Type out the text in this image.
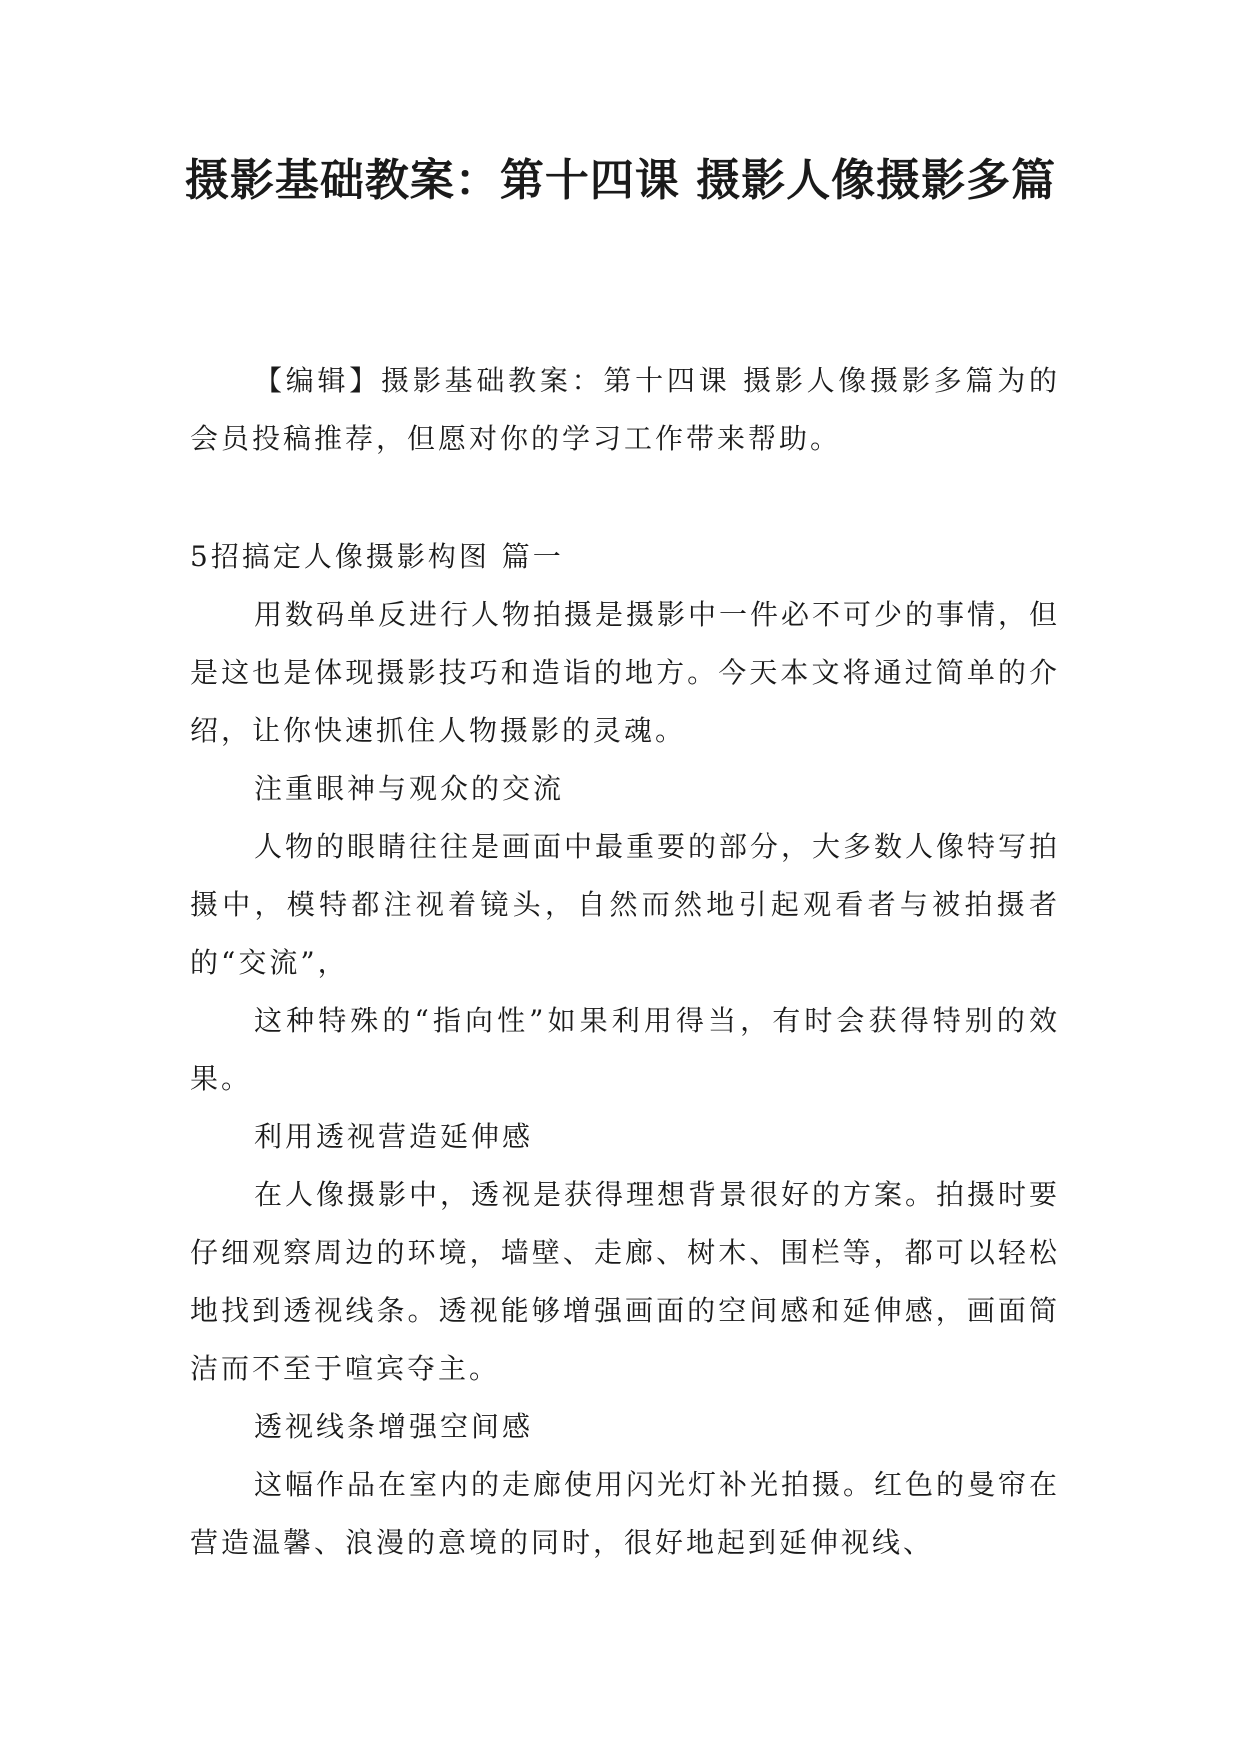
摄影基础教案：第十四课 摄影人像摄影多篇

【编辑】摄影基础教案：第十四课 摄影人像摄影多篇为的会员投稿推荐，但愿对你的学习工作带来帮助。

5招搞定人像摄影构图 篇一

用数码单反进行人物拍摄是摄影中一件必不可少的事情，但是这也是体现摄影技巧和造诣的地方。今天本文将通过简单的介绍，让你快速抓住人物摄影的灵魂。

注重眼神与观众的交流

人物的眼睛往往是画面中最重要的部分，大多数人像特写拍摄中，模特都注视着镜头，自然而然地引起观看者与被拍摄者的“交流”，

这种特殊的“指向性”如果利用得当，有时会获得特别的效果。

利用透视营造延伸感

在人像摄影中，透视是获得理想背景很好的方案。拍摄时要仔细观察周边的环境，墙壁、走廊、树木、围栏等，都可以轻松地找到透视线条。透视能够增强画面的空间感和延伸感，画面简洁而不至于喧宾夺主。

透视线条增强空间感

这幅作品在室内的走廊使用闪光灯补光拍摄。红色的曼帘在营造温馨、浪漫的意境的同时，很好地起到延伸视线、
